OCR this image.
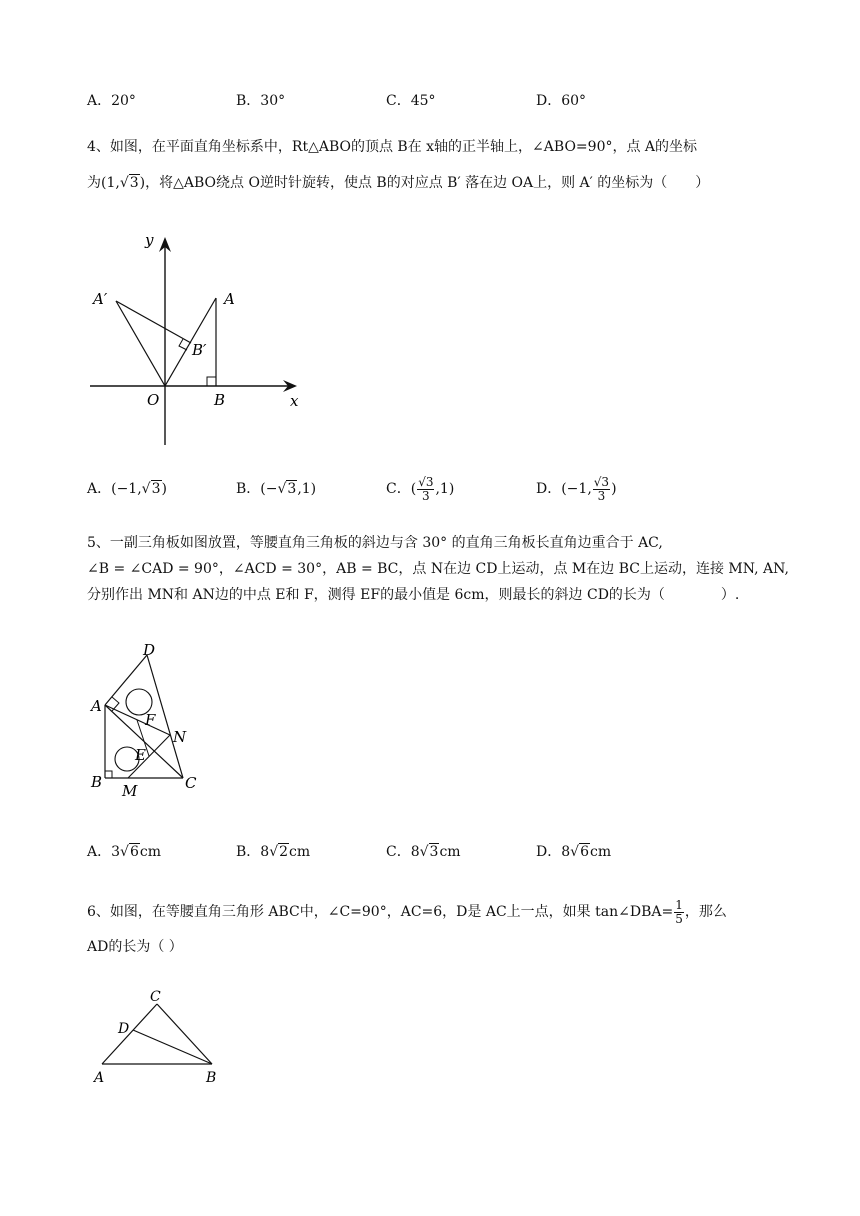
A．20°	B．30°	C．45°	D．60°
4、如图，在平面直角坐标系中，Rt△ABO的顶点 B在 x轴的正半轴上，∠ABO=90°，点 A的坐标
为(1,√3)，将△ABO绕点 O逆时针旋转，使点 B的对应点 B′ 落在边 OA上，则 A′ 的坐标为（　　）
y
x
O
A
B
A′
B′
A．(−1,√3)	B．(−√3,1)	C．( $\frac{√3}{3} ,1$)	D．(−1, $\frac{√3}{3}$ )
5、一副三角板如图放置，等腰直角三角板的斜边与含 30° 的直角三角板长直角边重合于 AC,
∠B = ∠CAD = 90°，∠ACD = 30°，AB = BC，点 N在边 CD上运动，点 M在边 BC上运动，连接 MN, AN,
分别作出 MN和 AN边的中点 E和 F，测得 EF的最小值是 6cm，则最长的斜边 CD的长为（　　　　）.
A
B	C
D
E
F
M
N
A．3√6cm	B．8√2cm	C．8√3cm	D．8√6cm
6、如图，在等腰直角三角形 ABC中，∠C=90°，AC=6，D是 AC上一点，如果 tan∠DBA= $\frac{1}{5}$ ，那么
AD的长为（ ）
C
D
A	B
